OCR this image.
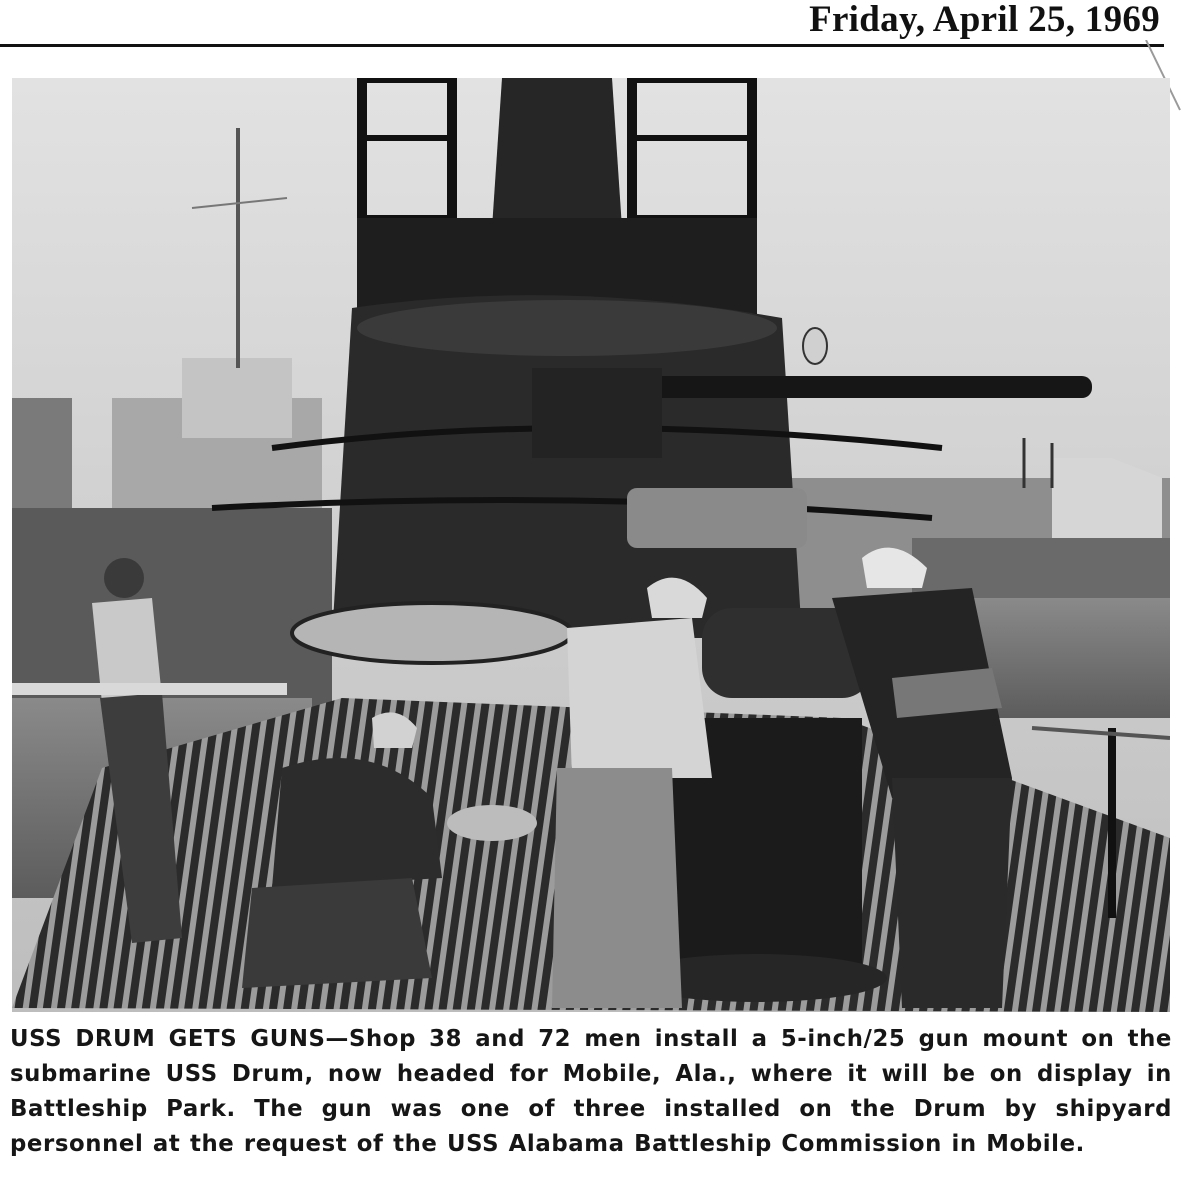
Friday, April 25, 1969
USS DRUM GETS GUNS—Shop 38 and 72 men install a 5-inch/25 gun mount on the submarine USS Drum, now headed for Mobile, Ala., where it will be on display in Battleship Park. The gun was one of three installed on the Drum by shipyard personnel at the request of the USS Alabama Battleship Commission in Mobile.
